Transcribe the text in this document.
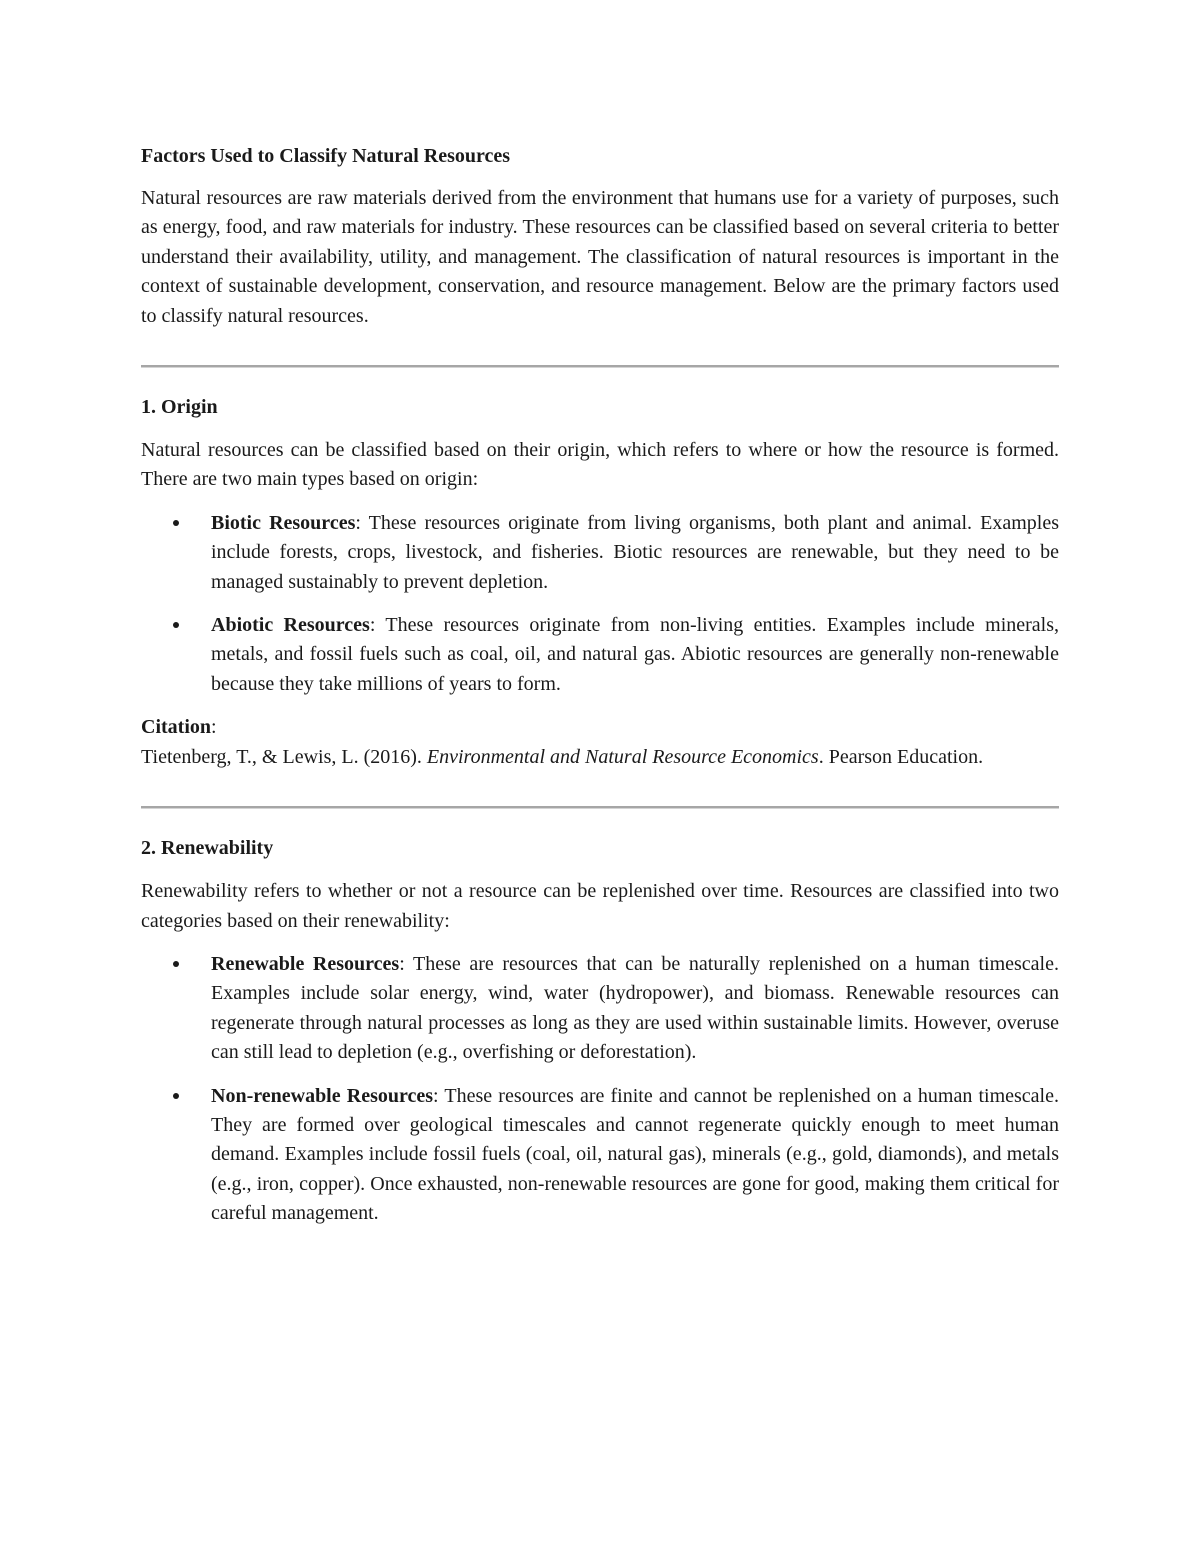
Factors Used to Classify Natural Resources

Natural resources are raw materials derived from the environment that humans use for a variety of purposes, such as energy, food, and raw materials for industry. These resources can be classified based on several criteria to better understand their availability, utility, and management. The classification of natural resources is important in the context of sustainable development, conservation, and resource management. Below are the primary factors used to classify natural resources.

1. Origin

Natural resources can be classified based on their origin, which refers to where or how the resource is formed. There are two main types based on origin:

Biotic Resources: These resources originate from living organisms, both plant and animal. Examples include forests, crops, livestock, and fisheries. Biotic resources are renewable, but they need to be managed sustainably to prevent depletion.

Abiotic Resources: These resources originate from non-living entities. Examples include minerals, metals, and fossil fuels such as coal, oil, and natural gas. Abiotic resources are generally non-renewable because they take millions of years to form.

Citation:

Tietenberg, T., & Lewis, L. (2016). Environmental and Natural Resource Economics. Pearson Education.

2. Renewability

Renewability refers to whether or not a resource can be replenished over time. Resources are classified into two categories based on their renewability:

Renewable Resources: These are resources that can be naturally replenished on a human timescale. Examples include solar energy, wind, water (hydropower), and biomass. Renewable resources can regenerate through natural processes as long as they are used within sustainable limits. However, overuse can still lead to depletion (e.g., overfishing or deforestation).

Non-renewable Resources: These resources are finite and cannot be replenished on a human timescale. They are formed over geological timescales and cannot regenerate quickly enough to meet human demand. Examples include fossil fuels (coal, oil, natural gas), minerals (e.g., gold, diamonds), and metals (e.g., iron, copper). Once exhausted, non-renewable resources are gone for good, making them critical for careful management.
